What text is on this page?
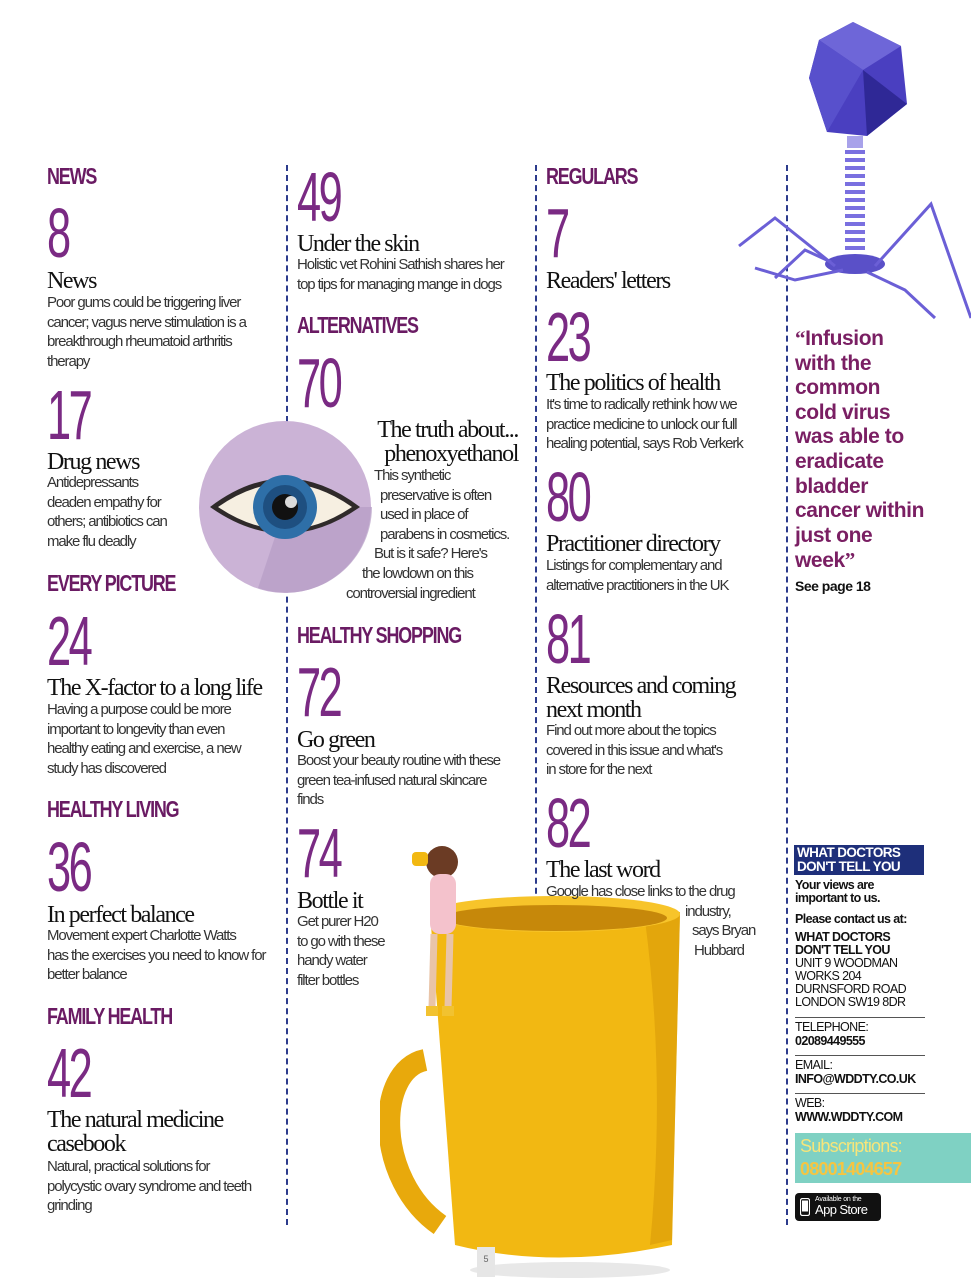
NEWS
8
News
Poor gums could be triggering liver
cancer; vagus nerve stimulation is a
breakthrough rheumatoid arthritis
therapy
17
Drug news
Antidepressants
deaden empathy for
others; antibiotics can
make flu deadly
EVERY PICTURE
24
The X-factor to a long life
Having a purpose could be more
important to longevity than even
healthy eating and exercise, a new
study has discovered
HEALTHY LIVING
36
In perfect balance
Movement expert Charlotte Watts
has the exercises you need to know for
better balance
FAMILY HEALTH
42
The natural medicine
casebook
Natural, practical solutions for
polycystic ovary syndrome and teeth
grinding
49
Under the skin
Holistic vet Rohini Sathish shares her
top tips for managing mange in dogs
ALTERNATIVES
70
The truth about...
phenoxyethanol
This synthetic
preservative is often
used in place of
parabens in cosmetics.
But is it safe? Here's
the lowdown on this
controversial ingredient
HEALTHY SHOPPING
72
Go green
Boost your beauty routine with these
green tea-infused natural skincare
finds
74
Bottle it
Get purer H20
to go with these
handy water
filter bottles
REGULARS
7
Readers' letters
23
The politics of health
It's time to radically rethink how we
practice medicine to unlock our full
healing potential, says Rob Verkerk
80
Practitioner directory
Listings for complementary and
alternative practitioners in the UK
81
Resources and coming
next month
Find out more about the topics
covered in this issue and what's
in store for the next
82
The last word
Google has close links to the drug
industry,
says Bryan
Hubbard
“Infusion
with the
common
cold virus
was able to
eradicate
bladder
cancer within
just one
week”
See page 18
WHAT DOCTORS
DON'T TELL YOU
Your views are
important to us.
Please contact us at:
WHAT DOCTORS
DON'T TELL YOU
UNIT 9 WOODMAN
WORKS 204
DURNSFORD ROAD
LONDON SW19 8DR
TELEPHONE:
02089449555
EMAIL:
INFO@WDDTY.CO.UK
WEB:
WWW.WDDTY.COM
Subscriptions:
08001404657
Available on the
App Store
5
